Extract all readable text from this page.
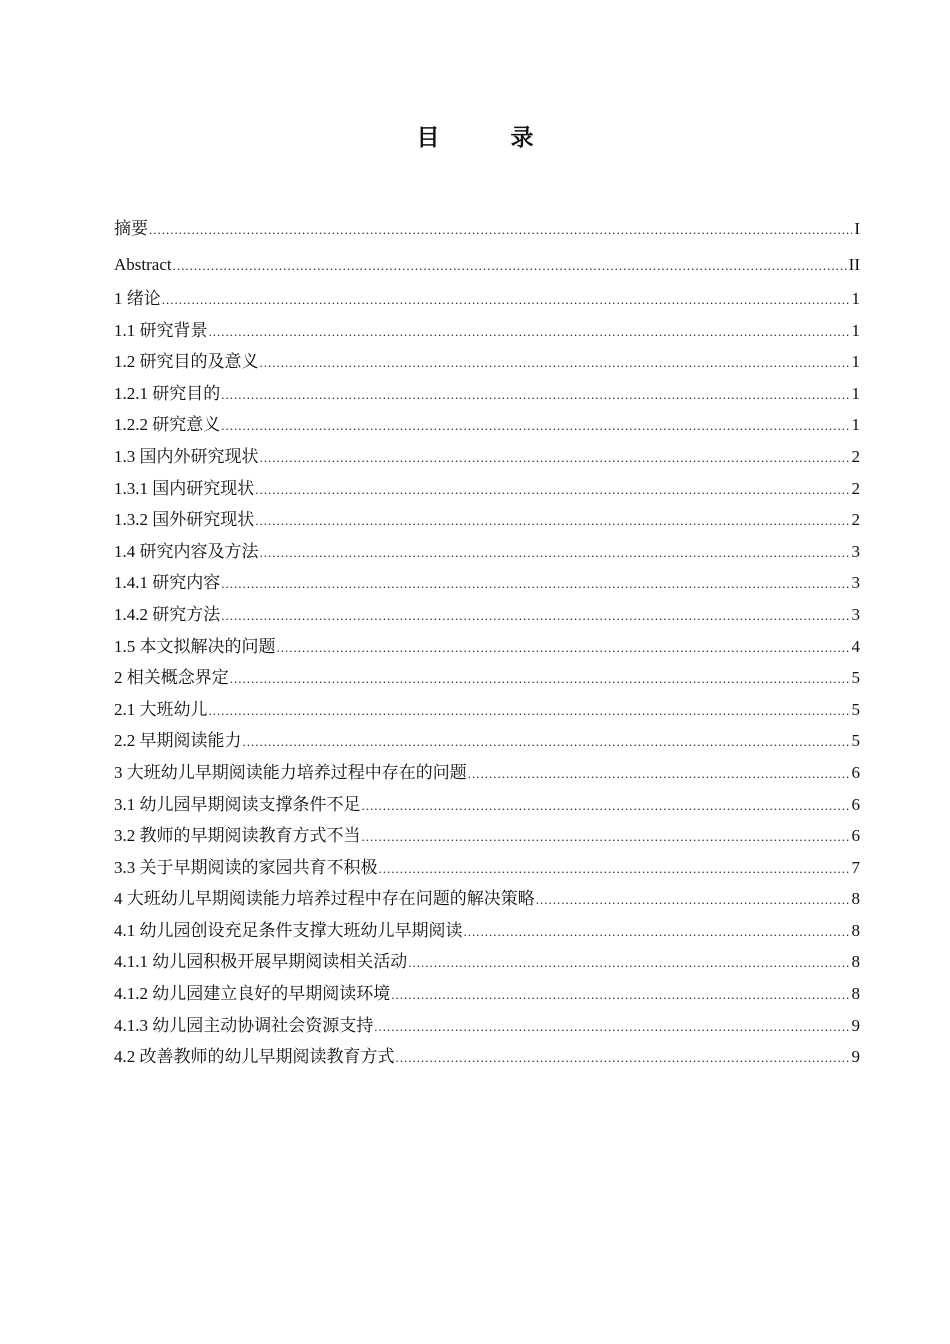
目　录
摘要 .....	I
Abstract .....	II
1 绪论 .....	1
1.1 研究背景 .....	1
1.2 研究目的及意义 .....	1
1.2.1 研究目的 .....	1
1.2.2 研究意义 .....	1
1.3 国内外研究现状 .....	2
1.3.1 国内研究现状 .....	2
1.3.2 国外研究现状 .....	2
1.4 研究内容及方法 .....	3
1.4.1 研究内容 .....	3
1.4.2 研究方法 .....	3
1.5 本文拟解决的问题 .....	4
2 相关概念界定 .....	5
2.1 大班幼儿 .....	5
2.2 早期阅读能力 .....	5
3 大班幼儿早期阅读能力培养过程中存在的问题 .....	6
3.1 幼儿园早期阅读支撑条件不足 .....	6
3.2 教师的早期阅读教育方式不当 .....	6
3.3 关于早期阅读的家园共育不积极 .....	7
4 大班幼儿早期阅读能力培养过程中存在问题的解决策略 .....	8
4.1 幼儿园创设充足条件支撑大班幼儿早期阅读 .....	8
4.1.1 幼儿园积极开展早期阅读相关活动 .....	8
4.1.2 幼儿园建立良好的早期阅读环境 .....	8
4.1.3 幼儿园主动协调社会资源支持 .....	9
4.2 改善教师的幼儿早期阅读教育方式 .....	9
